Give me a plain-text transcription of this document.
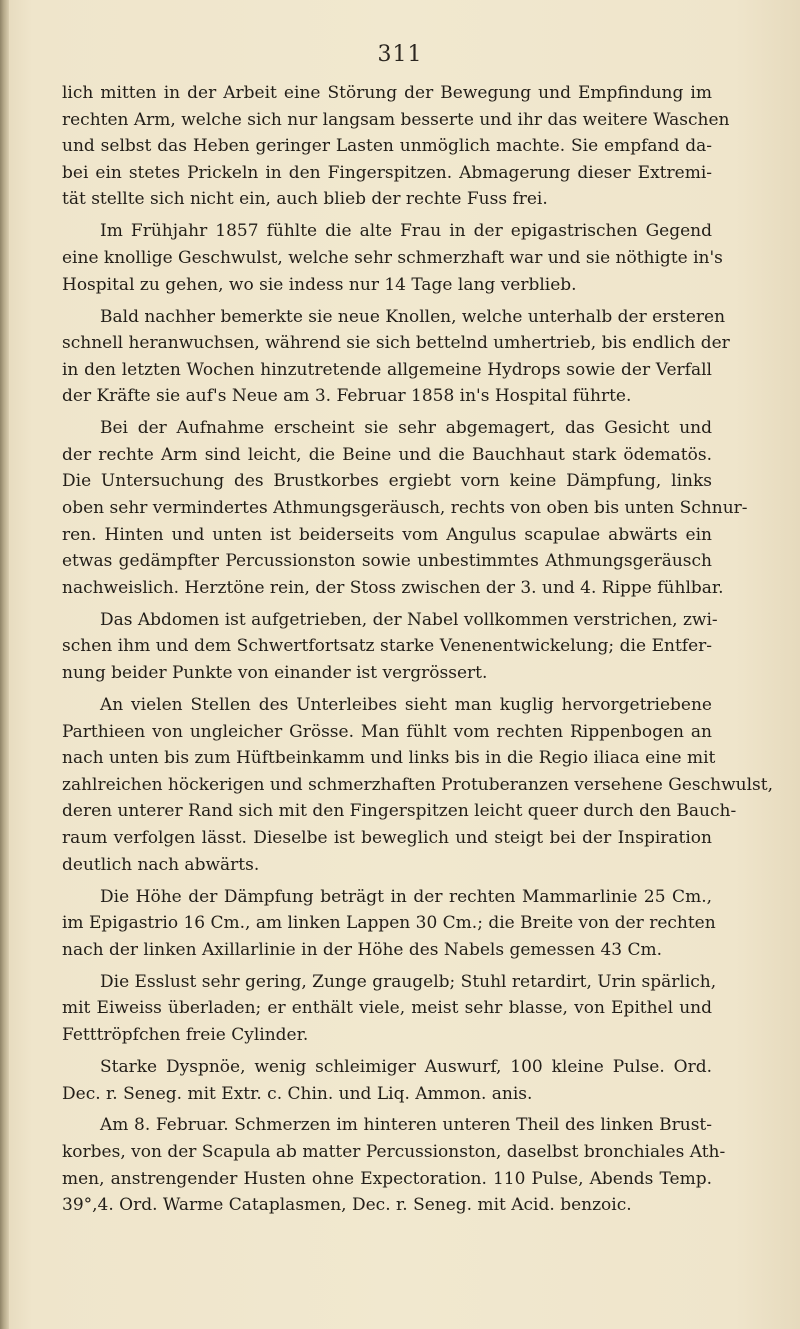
311
lich mitten in der Arbeit eine Störung der Bewegung und Empfindung im
rechten Arm, welche sich nur langsam besserte und ihr das weitere Waschen
und selbst das Heben geringer Lasten unmöglich machte. Sie empfand da-
bei ein stetes Prickeln in den Fingerspitzen. Abmagerung dieser Extremi-
tät stellte sich nicht ein, auch blieb der rechte Fuss frei.
Im Frühjahr 1857 fühlte die alte Frau in der epigastrischen Gegend
eine knollige Geschwulst, welche sehr schmerzhaft war und sie nöthigte in's
Hospital zu gehen, wo sie indess nur 14 Tage lang verblieb.
Bald nachher bemerkte sie neue Knollen, welche unterhalb der ersteren
schnell heranwuchsen, während sie sich bettelnd umhertrieb, bis endlich der
in den letzten Wochen hinzutretende allgemeine Hydrops sowie der Verfall
der Kräfte sie auf's Neue am 3. Februar 1858 in's Hospital führte.
Bei der Aufnahme erscheint sie sehr abgemagert, das Gesicht und
der rechte Arm sind leicht, die Beine und die Bauchhaut stark ödematös.
Die Untersuchung des Brustkorbes ergiebt vorn keine Dämpfung, links
oben sehr vermindertes Athmungsgeräusch, rechts von oben bis unten Schnur-
ren. Hinten und unten ist beiderseits vom Angulus scapulae abwärts ein
etwas gedämpfter Percussionston sowie unbestimmtes Athmungsgeräusch
nachweislich. Herztöne rein, der Stoss zwischen der 3. und 4. Rippe fühlbar.
Das Abdomen ist aufgetrieben, der Nabel vollkommen verstrichen, zwi-
schen ihm und dem Schwertfortsatz starke Venenentwickelung; die Entfer-
nung beider Punkte von einander ist vergrössert.
An vielen Stellen des Unterleibes sieht man kuglig hervorgetriebene
Parthieen von ungleicher Grösse. Man fühlt vom rechten Rippenbogen an
nach unten bis zum Hüftbeinkamm und links bis in die Regio iliaca eine mit
zahlreichen höckerigen und schmerzhaften Protuberanzen versehene Geschwulst,
deren unterer Rand sich mit den Fingerspitzen leicht queer durch den Bauch-
raum verfolgen lässt. Dieselbe ist beweglich und steigt bei der Inspiration
deutlich nach abwärts.
Die Höhe der Dämpfung beträgt in der rechten Mammarlinie 25 Cm.,
im Epigastrio 16 Cm., am linken Lappen 30 Cm.; die Breite von der rechten
nach der linken Axillarlinie in der Höhe des Nabels gemessen 43 Cm.
Die Esslust sehr gering, Zunge graugelb; Stuhl retardirt, Urin spärlich,
mit Eiweiss überladen; er enthält viele, meist sehr blasse, von Epithel und
Fetttröpfchen freie Cylinder.
Starke Dyspnöe, wenig schleimiger Auswurf, 100 kleine Pulse. Ord.
Dec. r. Seneg. mit Extr. c. Chin. und Liq. Ammon. anis.
Am 8. Februar. Schmerzen im hinteren unteren Theil des linken Brust-
korbes, von der Scapula ab matter Percussionston, daselbst bronchiales Ath-
men, anstrengender Husten ohne Expectoration. 110 Pulse, Abends Temp.
39°,4. Ord. Warme Cataplasmen, Dec. r. Seneg. mit Acid. benzoic.
